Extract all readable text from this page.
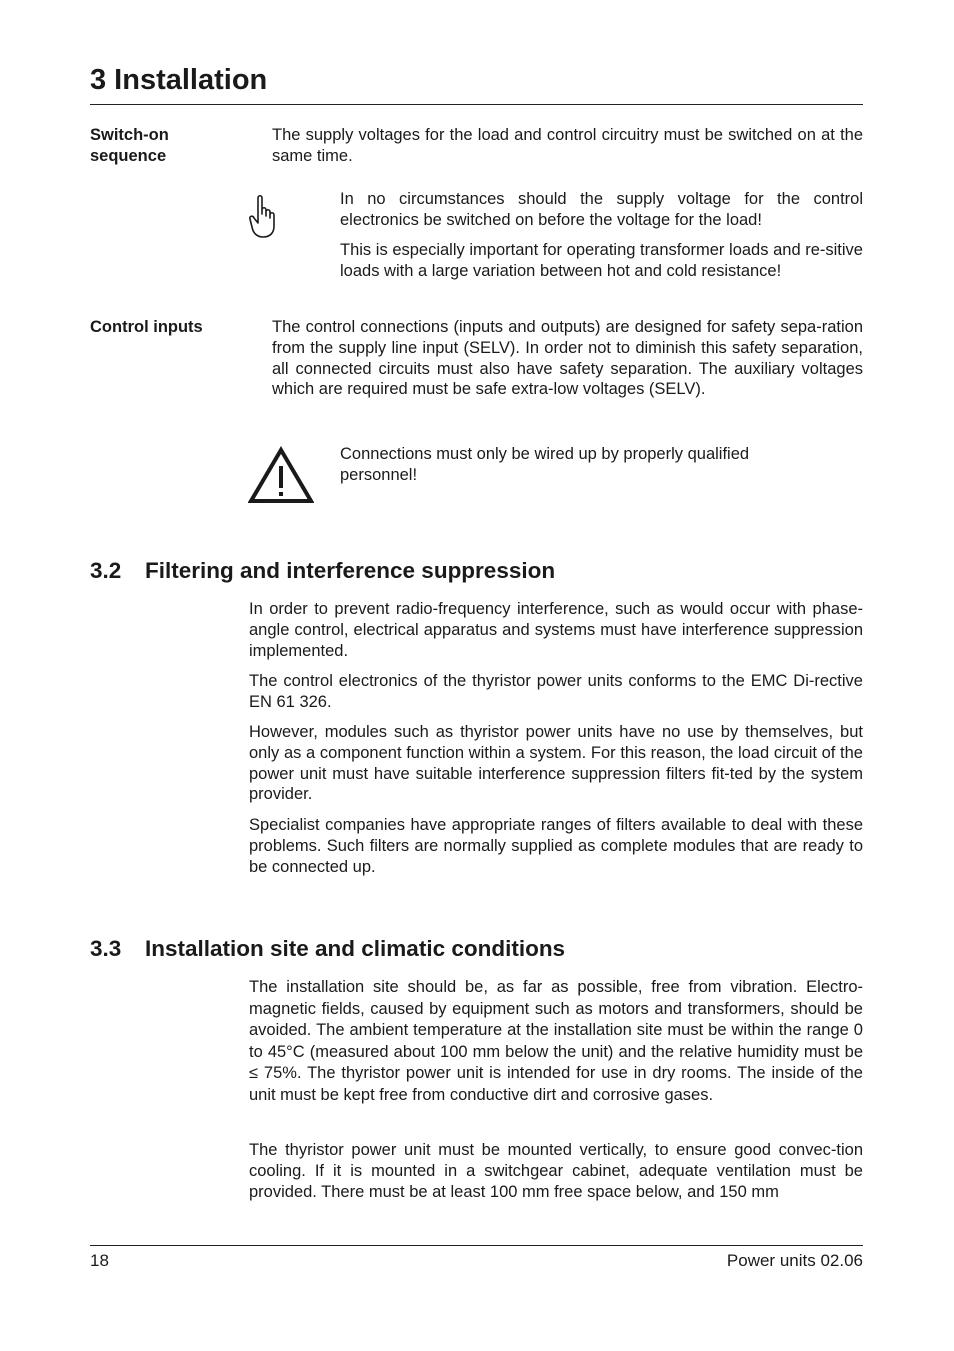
3 Installation
Switch-on
sequence

The supply voltages for the load and control circuitry must be switched on at the same time.

In no circumstances should the supply voltage for the control electronics be switched on before the voltage for the load!

This is especially important for operating transformer loads and re-sitive loads with a large variation between hot and cold resistance!

Control inputs	The control connections (inputs and outputs) are designed for safety sepa-ration from the supply line input (SELV). In order not to diminish this safety separation, all connected circuits must also have safety separation. The auxiliary voltages which are required must be safe extra-low voltages (SELV).

Connections must only be wired up by properly qualified personnel!

3.2 Filtering and interference suppression

In order to prevent radio-frequency interference, such as would occur with phase-angle control, electrical apparatus and systems must have interference suppression implemented.

The control electronics of the thyristor power units conforms to the EMC Di-rective EN 61 326.

However, modules such as thyristor power units have no use by themselves, but only as a component function within a system. For this reason, the load circuit of the power unit must have suitable interference suppression filters fit-ted by the system provider.

Specialist companies have appropriate ranges of filters available to deal with these problems. Such filters are normally supplied as complete modules that are ready to be connected up.

3.3 Installation site and climatic conditions

The installation site should be, as far as possible, free from vibration. Electro-magnetic fields, caused by equipment such as motors and transformers, should be avoided. The ambient temperature at the installation site must be within the range 0 to 45°C (measured about 100 mm below the unit) and the relative humidity must be ≤ 75%. The thyristor power unit is intended for use in dry rooms. The inside of the unit must be kept free from conductive dirt and corrosive gases.

The thyristor power unit must be mounted vertically, to ensure good convec-tion cooling. If it is mounted in a switchgear cabinet, adequate ventilation must be provided. There must be at least 100 mm free space below, and 150 mm

18	Power units 02.06
